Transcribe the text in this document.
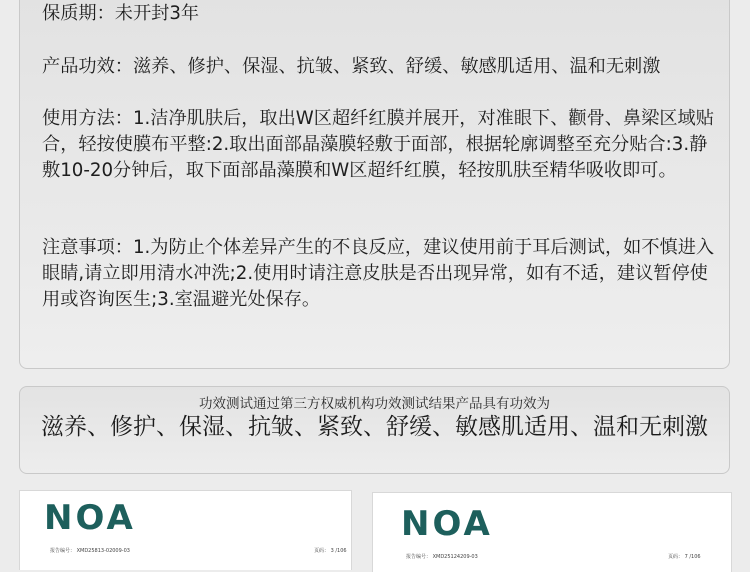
保质期：未开封3年
产品功效：滋养、修护、保湿、抗皱、紧致、舒缓、敏感肌适用、温和无刺激
使用方法：1.洁净肌肤后，取出W区超纤红膜并展开，对准眼下、颧骨、鼻梁区域贴合，轻按使膜布平整:2.取出面部晶藻膜轻敷于面部，根据轮廓调整至充分贴合:3.静敷10-20分钟后，取下面部晶藻膜和W区超纤红膜，轻按肌肤至精华吸收即可。
注意事项：1.为防止个体差异产生的不良反应，建议使用前于耳后测试，如不慎进入眼睛,请立即用清水冲洗;2.使用时请注意皮肤是否出现异常，如有不适，建议暂停使用或咨询医生;3.室温避光处保存。
功效测试通过第三方权威机构功效测试结果产品具有功效为
滋养、修护、保湿、抗皱、紧致、舒缓、敏感肌适用、温和无刺激
NOA
报告编号： XMD25813-02009-03	页码： 3 /106
NOA
报告编号： XMD25124209-03	页码： 7 /106
